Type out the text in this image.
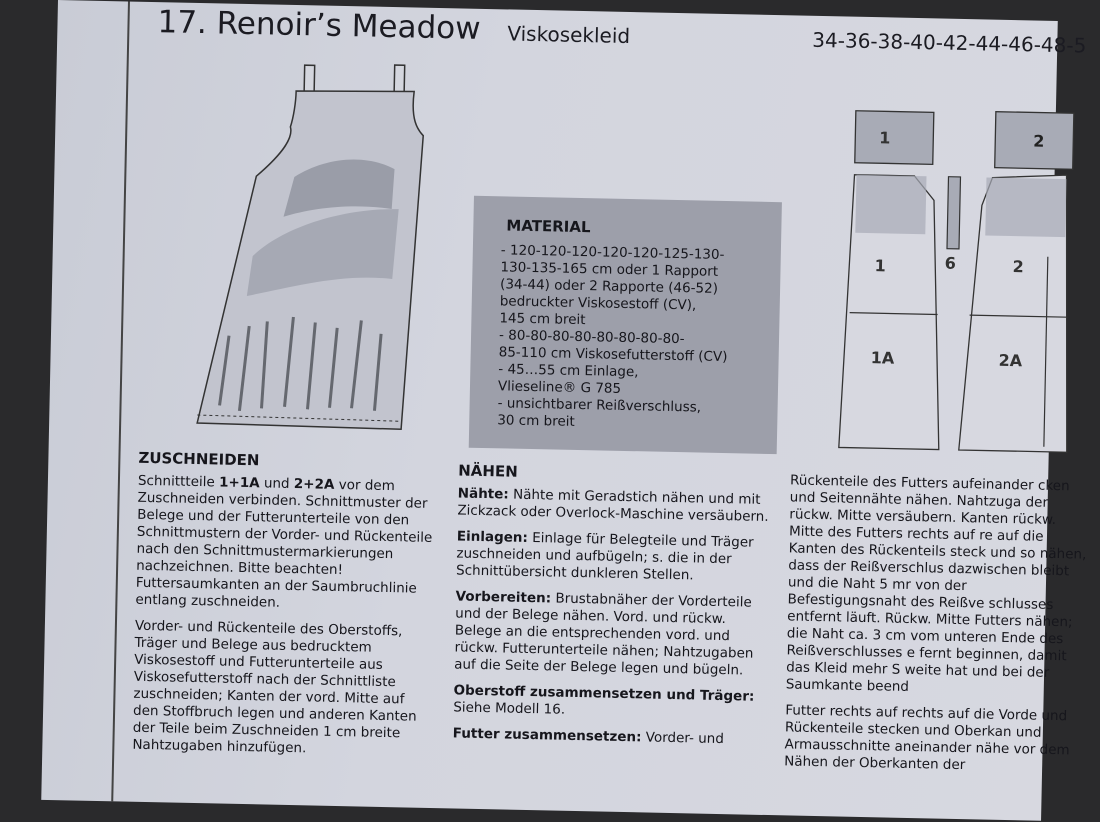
17. Renoir’s Meadow Viskosekleid	34-36-38-40-42-44-46-48-5
MATERIAL
- 120-120-120-120-120-125-130-
130-135-165 cm oder 1 Rapport
(34-44) oder 2 Rapporte (46-52)
bedruckter Viskosestoff (CV),
145 cm breit
- 80-80-80-80-80-80-80-80-
85-110 cm Viskosefutterstoff (CV)
- 45…55 cm Einlage,
Vlieseline® G 785
- unsichtbarer Reißverschluss,
30 cm breit
1	2
1
1A
6	2
2A
ZUSCHNEIDEN

Schnittteile 1+1A und 2+2A vor dem Zuschneiden verbinden. Schnittmuster der Belege und der Futterunterteile von den Schnittmustern der Vorder- und Rückenteile nach den Schnittmustermarkierungen nachzeichnen. Bitte beachten! Futtersaumkanten an der Saumbruchlinie entlang zuschneiden.

Vorder- und Rückenteile des Oberstoffs, Träger und Belege aus bedrucktem Viskosestoff und Futterunterteile aus Viskosefutterstoff nach der Schnittliste zuschneiden; Kanten der vord. Mitte auf den Stoffbruch legen und anderen Kanten der Teile beim Zuschneiden 1 cm breite Nahtzugaben hinzufügen.

NÄHEN

Nähte: Nähte mit Geradstich nähen und mit Zickzack oder Overlock-Maschine versäubern.

Einlagen: Einlage für Belegteile und Träger zuschneiden und aufbügeln; s. die in der Schnittübersicht dunkleren Stellen.

Vorbereiten: Brustabnäher der Vorderteile und der Belege nähen. Vord. und rückw. Belege an die entsprechenden vord. und rückw. Futterunterteile nähen; Nahtzugaben auf die Seite der Belege legen und bügeln.

Oberstoff zusammensetzen und Träger: Siehe Modell 16.

Futter zusammensetzen: Vorder- und

Rückenteile des Futters aufeinander cken und Seitennähte nähen. Nahtzuga der rückw. Mitte versäubern. Kanten rückw. Mitte des Futters rechts auf re auf die Kanten des Rückenteils steck und so nähen, dass der Reißverschlus dazwischen bleibt und die Naht 5 mr von der Befestigungsnaht des Reißve schlusses entfernt läuft. Rückw. Mitte Futters nähen; die Naht ca. 3 cm vom unteren Ende des Reißverschlusses e fernt beginnen, damit das Kleid mehr S weite hat und bei der Saumkante beend

Futter rechts auf rechts auf die Vorde und Rückenteile stecken und Oberkan und Armausschnitte aneinander nähe vor dem Nähen der Oberkanten der
